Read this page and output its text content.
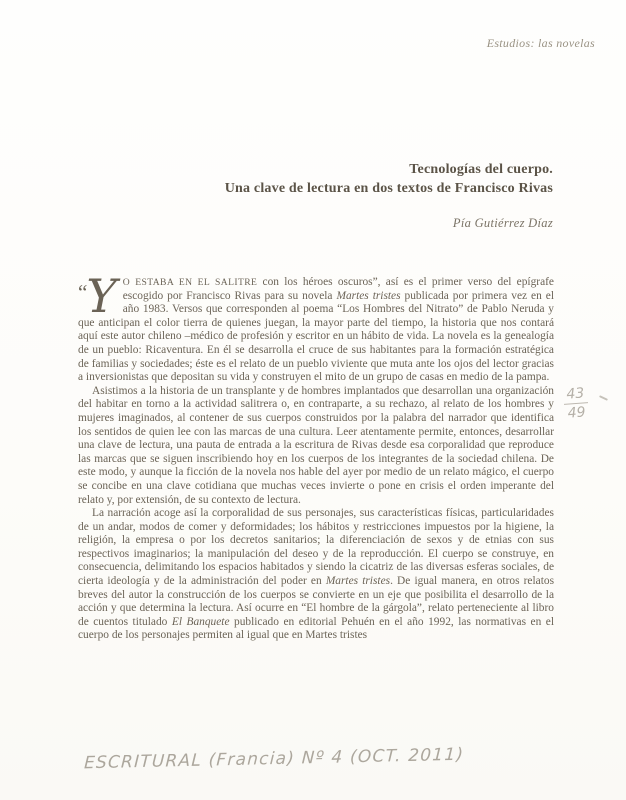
Estudios: las novelas
Tecnologías del cuerpo.
Una clave de lectura en dos textos de Francisco Rivas
Pía Gutiérrez Díaz

“Y O ESTABA EN EL SALITRE con los héroes oscuros”, así es el primer verso del epígrafe escogido por Francisco Rivas para su novela Martes tristes publicada por primera vez en el año 1983. Versos que corresponden al poema “Los Hombres del Nitrato” de Pablo Neruda y que anticipan el color tierra de quienes juegan, la mayor parte del tiempo, la historia que nos contará aquí este autor chileno –médico de profesión y escritor en un hábito de vida. La novela es la genealogía de un pueblo: Ricaventura. En él se desarrolla el cruce de sus habitantes para la formación estratégica de familias y sociedades; éste es el relato de un pueblo viviente que muta ante los ojos del lector gracias a inversionistas que depositan su vida y construyen el mito de un grupo de casas en medio de la pampa.

Asistimos a la historia de un transplante y de hombres implantados que desarrollan una organización del habitar en torno a la actividad salitrera o, en contraparte, a su rechazo, al relato de los hombres y mujeres imaginados, al contener de sus cuerpos construidos por la palabra del narrador que identifica los sentidos de quien lee con las marcas de una cultura. Leer atentamente permite, entonces, desarrollar una clave de lectura, una pauta de entrada a la escritura de Rivas desde esa corporalidad que reproduce las marcas que se siguen inscribiendo hoy en los cuerpos de los integrantes de la sociedad chilena. De este modo, y aunque la ficción de la novela nos hable del ayer por medio de un relato mágico, el cuerpo se concibe en una clave cotidiana que muchas veces invierte o pone en crisis el orden imperante del relato y, por extensión, de su contexto de lectura.

La narración acoge así la corporalidad de sus personajes, sus características físicas, particularidades de un andar, modos de comer y deformidades; los hábitos y restricciones impuestos por la higiene, la religión, la empresa o por los decretos sanitarios; la diferenciación de sexos y de etnias con sus respectivos imaginarios; la manipulación del deseo y de la reproducción. El cuerpo se construye, en consecuencia, delimitando los espacios habitados y siendo la cicatriz de las diversas esferas sociales, de cierta ideología y de la administración del poder en Martes tristes. De igual manera, en otros relatos breves del autor la construcción de los cuerpos se convierte en un eje que posibilita el desarrollo de la acción y que determina la lectura. Así ocurre en “El hombre de la gárgola”, relato perteneciente al libro de cuentos titulado El Banquete publicado en editorial Pehuén en el año 1992, las normativas en el cuerpo de los personajes permiten al igual que en Martes tristes

$\frac{43}{49}$
ESCRITURAL (Francia) Nº 4 (OCT. 2011)
